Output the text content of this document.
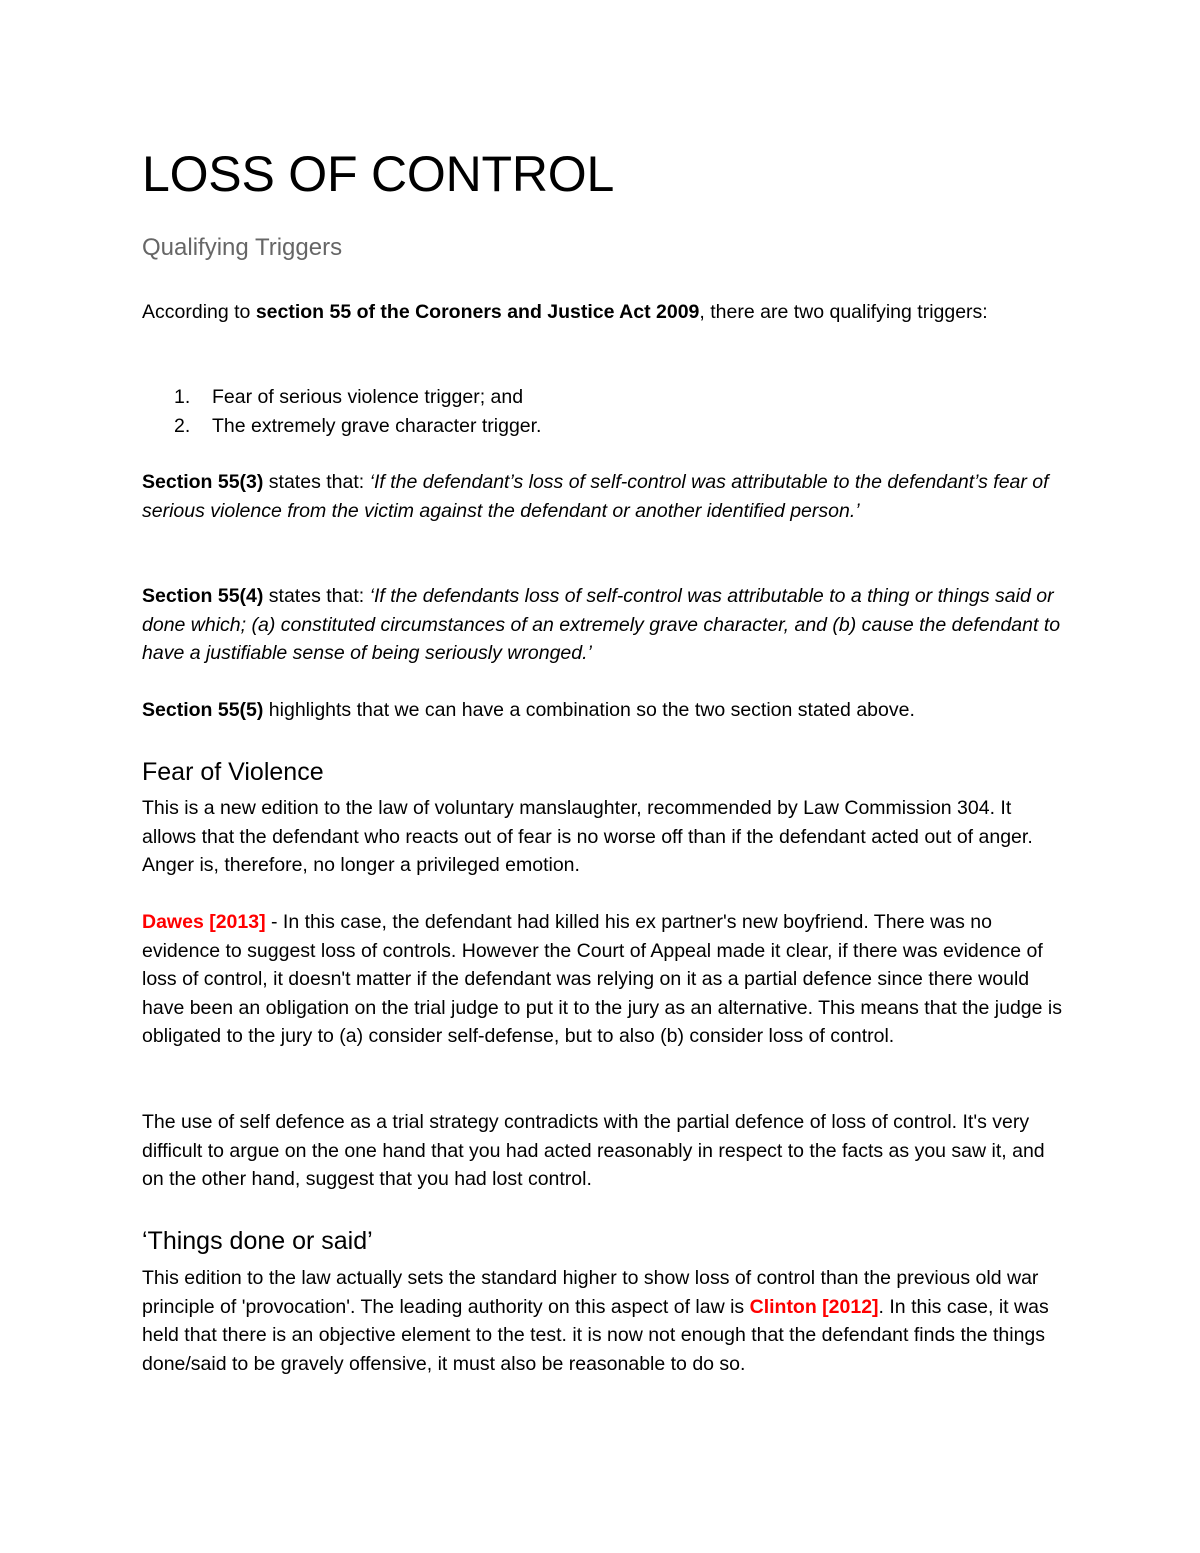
LOSS OF CONTROL
Qualifying Triggers

According to section 55 of the Coroners and Justice Act 2009, there are two qualifying triggers:

1. Fear of serious violence trigger; and
2. The extremely grave character trigger.

Section 55(3) states that: ‘If the defendant’s loss of self-control was attributable to the defendant’s fear of serious violence from the victim against the defendant or another identified person.’

Section 55(4) states that: ‘If the defendants loss of self-control was attributable to a thing or things said or done which; (a) constituted circumstances of an extremely grave character, and (b) cause the defendant to have a justifiable sense of being seriously wronged.’

Section 55(5) highlights that we can have a combination so the two section stated above.

Fear of Violence

This is a new edition to the law of voluntary manslaughter, recommended by Law Commission 304. It allows that the defendant who reacts out of fear is no worse off than if the defendant acted out of anger. Anger is, therefore, no longer a privileged emotion.

Dawes [2013] - In this case, the defendant had killed his ex partner's new boyfriend. There was no evidence to suggest loss of controls. However the Court of Appeal made it clear, if there was evidence of loss of control, it doesn't matter if the defendant was relying on it as a partial defence since there would have been an obligation on the trial judge to put it to the jury as an alternative. This means that the judge is obligated to the jury to (a) consider self-defense, but to also (b) consider loss of control.

The use of self defence as a trial strategy contradicts with the partial defence of loss of control. It's very difficult to argue on the one hand that you had acted reasonably in respect to the facts as you saw it, and on the other hand, suggest that you had lost control.

‘Things done or said’

This edition to the law actually sets the standard higher to show loss of control than the previous old war principle of 'provocation'. The leading authority on this aspect of law is Clinton [2012]. In this case, it was held that there is an objective element to the test. it is now not enough that the defendant finds the things done/said to be gravely offensive, it must also be reasonable to do so.
